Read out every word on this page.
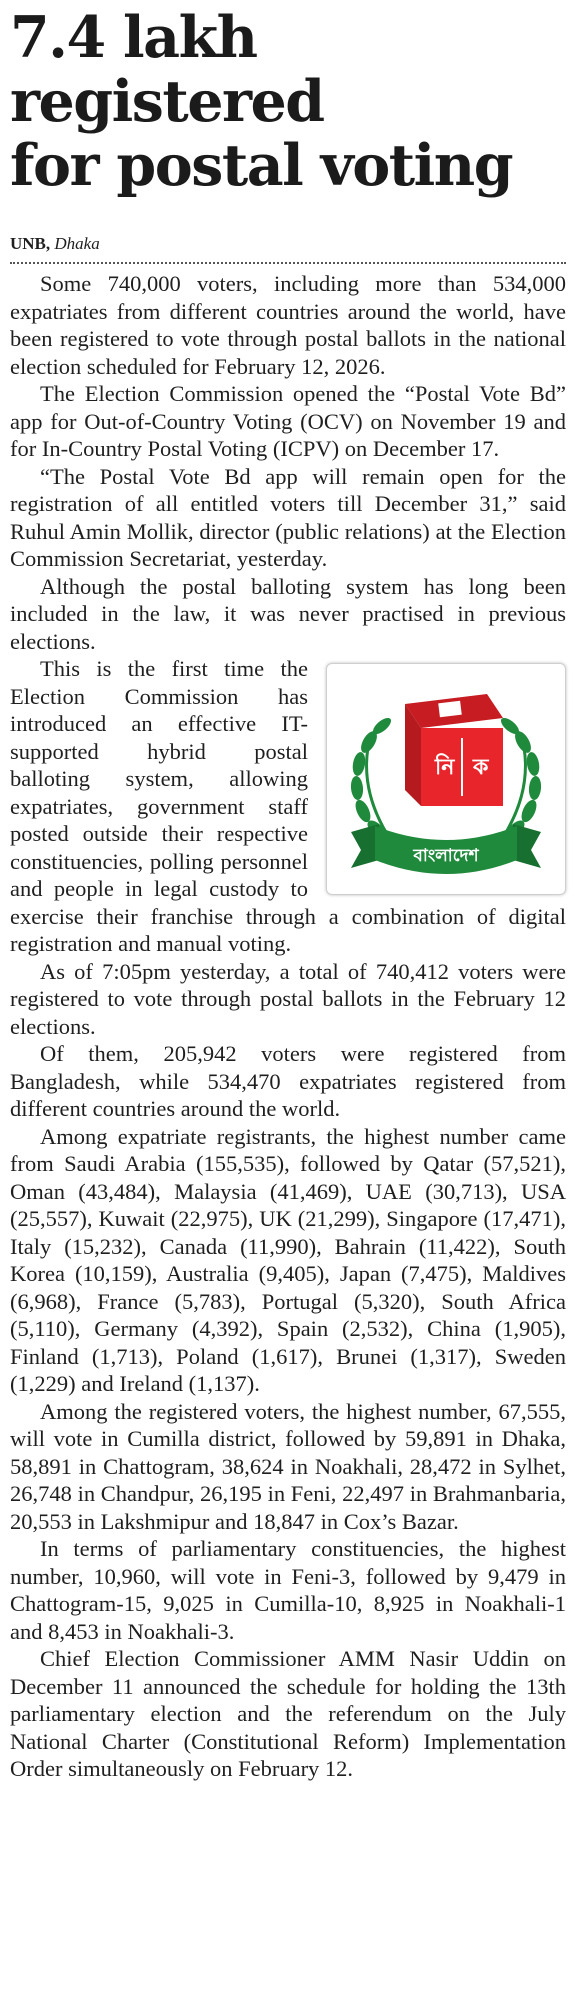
7.4 lakh registered
for postal voting
UNB, Dhaka

Some 740,000 voters, including more than 534,000 expatriates from different countries around the world, have been registered to vote through postal ballots in the national election scheduled for February 12, 2026.

The Election Commission opened the “Postal Vote Bd” app for Out-of-Country Voting (OCV) on November 19 and for In-Country Postal Voting (ICPV) on December 17.

“The Postal Vote Bd app will remain open for the registration of all entitled voters till December 31,” said Ruhul Amin Mollik, director (public relations) at the Election Commission Secretariat, yesterday.

Although the postal balloting system has long been included in the law, it was never practised in previous elections.

নি ক
বাংলাদেশ

This is the first time the Election Commission has introduced an effective IT-supported hybrid postal balloting system, allowing expatriates, government staff posted outside their respective constituencies, polling personnel and people in legal custody to exercise their franchise through a combination of digital registration and manual voting.

As of 7:05pm yesterday, a total of 740,412 voters were registered to vote through postal ballots in the February 12 elections.

Of them, 205,942 voters were registered from Bangladesh, while 534,470 expatriates registered from different countries around the world.

Among expatriate registrants, the highest number came from Saudi Arabia (155,535), followed by Qatar (57,521), Oman (43,484), Malaysia (41,469), UAE (30,713), USA (25,557), Kuwait (22,975), UK (21,299), Singapore (17,471), Italy (15,232), Canada (11,990), Bahrain (11,422), South Korea (10,159), Australia (9,405), Japan (7,475), Maldives (6,968), France (5,783), Portugal (5,320), South Africa (5,110), Germany (4,392), Spain (2,532), China (1,905), Finland (1,713), Poland (1,617), Brunei (1,317), Sweden (1,229) and Ireland (1,137).

Among the registered voters, the highest number, 67,555, will vote in Cumilla district, followed by 59,891 in Dhaka, 58,891 in Chattogram, 38,624 in Noakhali, 28,472 in Sylhet, 26,748 in Chandpur, 26,195 in Feni, 22,497 in Brahmanbaria, 20,553 in Lakshmipur and 18,847 in Cox’s Bazar.

In terms of parliamentary constituencies, the highest number, 10,960, will vote in Feni-3, followed by 9,479 in Chattogram-15, 9,025 in Cumilla-10, 8,925 in Noakhali-1 and 8,453 in Noakhali-3.

Chief Election Commissioner AMM Nasir Uddin on December 11 announced the schedule for holding the 13th parliamentary election and the referendum on the July National Charter (Constitutional Reform) Implementation Order simultaneously on February 12.
